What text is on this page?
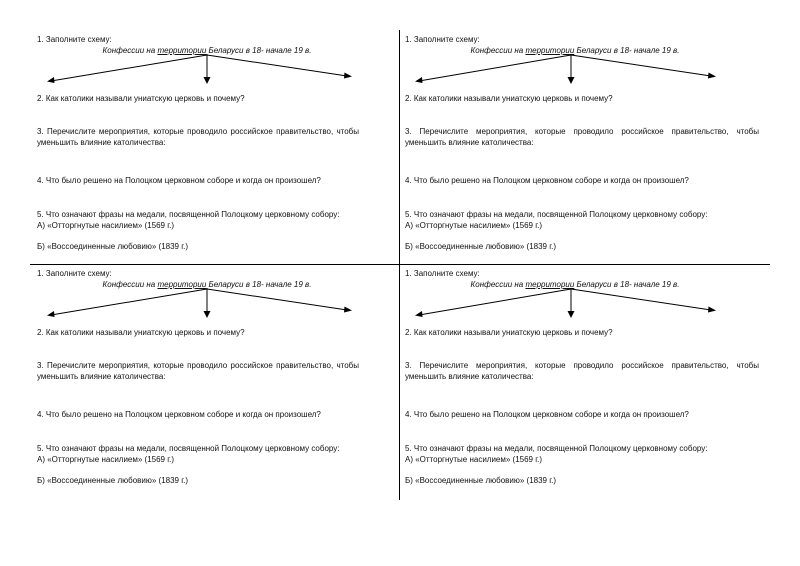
1. Заполните схему:

Конфессии на территории Беларуси в 18- начале 19 в.

2. Как католики называли униатскую церковь и почему?

3. Перечислите мероприятия, которые проводило российское правительство, чтобы уменьшить влияние католичества:

4. Что было решено на Полоцком церковном соборе и когда он произошел?

5. Что означают фразы на медали, посвященной Полоцкому церковному собору:

А) «Отторгнутые насилием» (1569 г.)

Б) «Воссоединенные любовию» (1839 г.)

1. Заполните схему:

Конфессии на территории Беларуси в 18- начале 19 в.

2. Как католики называли униатскую церковь и почему?

3. Перечислите мероприятия, которые проводило российское правительство, чтобы уменьшить влияние католичества:

4. Что было решено на Полоцком церковном соборе и когда он произошел?

5. Что означают фразы на медали, посвященной Полоцкому церковному собору:

А) «Отторгнутые насилием» (1569 г.)

Б) «Воссоединенные любовию» (1839 г.)

1. Заполните схему:

Конфессии на территории Беларуси в 18- начале 19 в.

2. Как католики называли униатскую церковь и почему?

3. Перечислите мероприятия, которые проводило российское правительство, чтобы уменьшить влияние католичества:

4. Что было решено на Полоцком церковном соборе и когда он произошел?

5. Что означают фразы на медали, посвященной Полоцкому церковному собору:

А) «Отторгнутые насилием» (1569 г.)

Б) «Воссоединенные любовию» (1839 г.)

1. Заполните схему:

Конфессии на территории Беларуси в 18- начале 19 в.

2. Как католики называли униатскую церковь и почему?

3. Перечислите мероприятия, которые проводило российское правительство, чтобы уменьшить влияние католичества:

4. Что было решено на Полоцком церковном соборе и когда он произошел?

5. Что означают фразы на медали, посвященной Полоцкому церковному собору:

А) «Отторгнутые насилием» (1569 г.)

Б) «Воссоединенные любовию» (1839 г.)
